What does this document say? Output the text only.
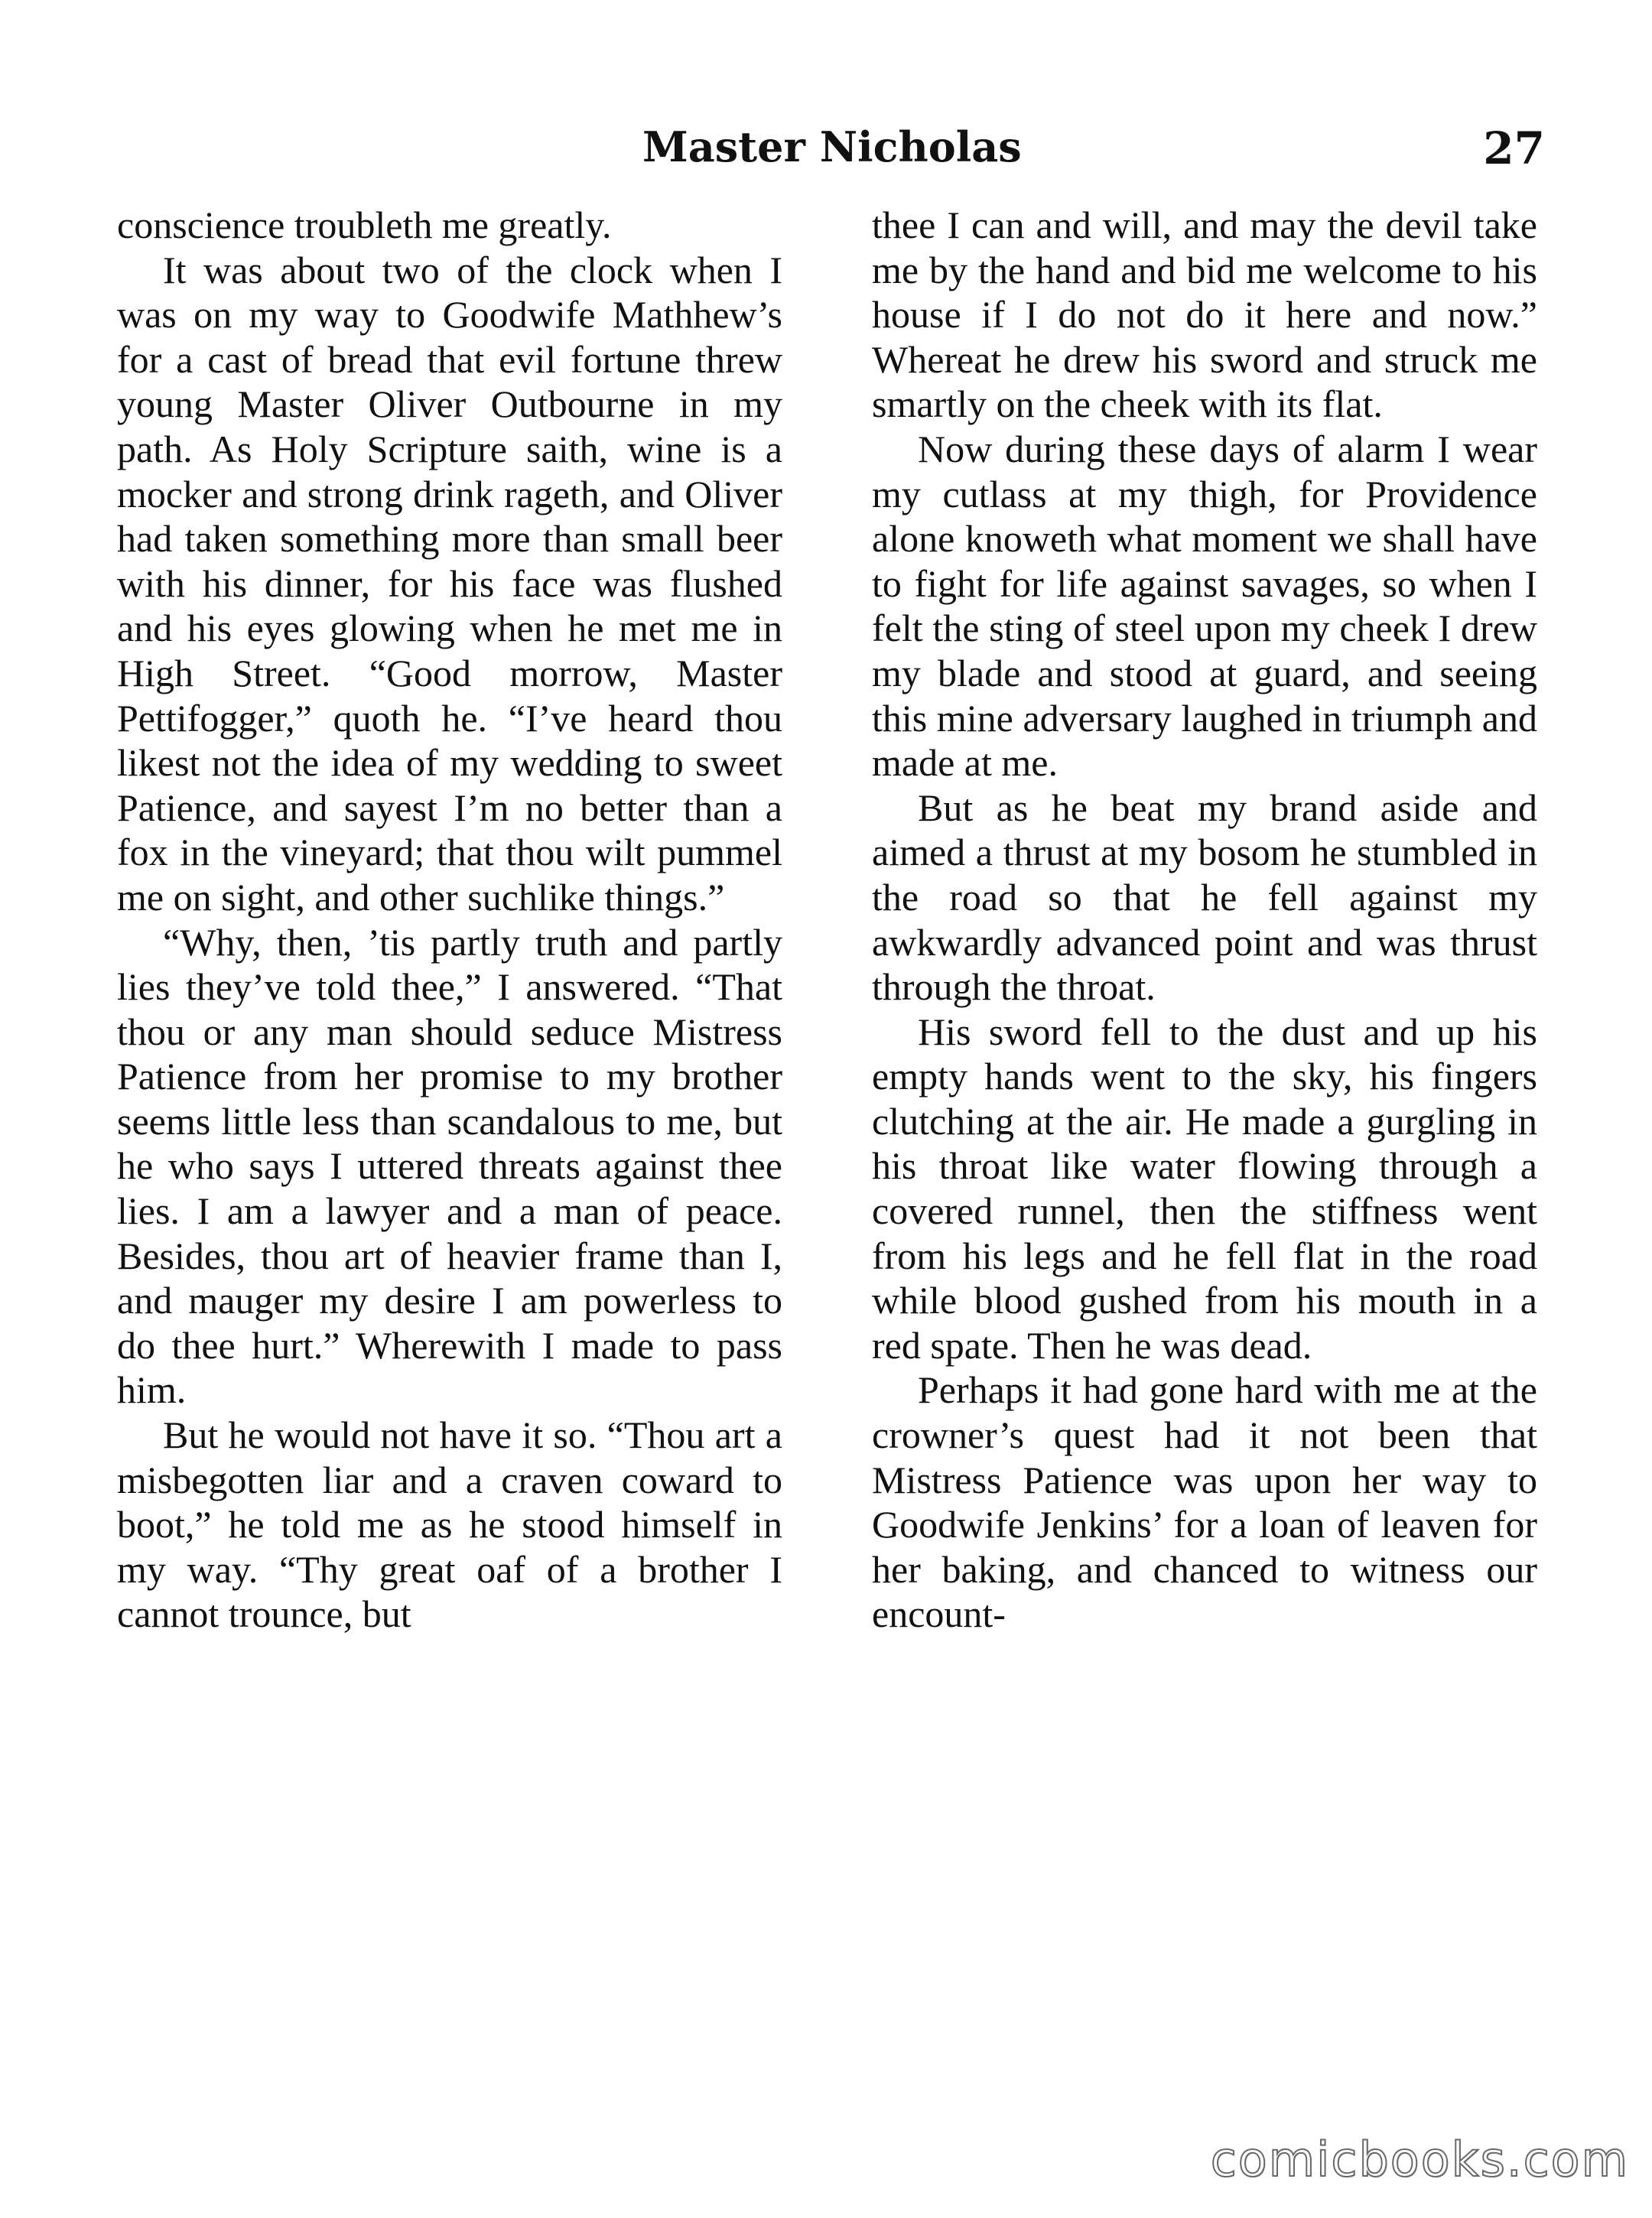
Master Nicholas	27

conscience troubleth me greatly.

It was about two of the clock when I was on my way to Goodwife Mathhew’s for a cast of bread that evil fortune threw young Master Oliver Outbourne in my path. As Holy Scripture saith, wine is a mocker and strong drink rageth, and Oliver had taken something more than small beer with his dinner, for his face was flushed and his eyes glowing when he met me in High Street. “Good morrow, Master Pettifogger,” quoth he. “I’ve heard thou likest not the idea of my wedding to sweet Patience, and sayest I’m no better than a fox in the vineyard; that thou wilt pummel me on sight, and other suchlike things.”

“Why, then, ’tis partly truth and partly lies they’ve told thee,” I answered. “That thou or any man should seduce Mistress Patience from her promise to my brother seems little less than scandalous to me, but he who says I uttered threats against thee lies. I am a lawyer and a man of peace. Besides, thou art of heavier frame than I, and mauger my desire I am powerless to do thee hurt.” Wherewith I made to pass him.

But he would not have it so. “Thou art a misbegotten liar and a craven coward to boot,” he told me as he stood himself in my way. “Thy great oaf of a brother I cannot trounce, but

thee I can and will, and may the devil take me by the hand and bid me welcome to his house if I do not do it here and now.” Whereat he drew his sword and struck me smartly on the cheek with its flat.

Now during these days of alarm I wear my cutlass at my thigh, for Providence alone knoweth what moment we shall have to fight for life against savages, so when I felt the sting of steel upon my cheek I drew my blade and stood at guard, and seeing this mine adversary laughed in triumph and made at me.

But as he beat my brand aside and aimed a thrust at my bosom he stumbled in the road so that he fell against my awkwardly advanced point and was thrust through the throat.

His sword fell to the dust and up his empty hands went to the sky, his fingers clutching at the air. He made a gurgling in his throat like water flowing through a covered runnel, then the stiffness went from his legs and he fell flat in the road while blood gushed from his mouth in a red spate. Then he was dead.

Perhaps it had gone hard with me at the crowner’s quest had it not been that Mistress Patience was upon her way to Goodwife Jenkins’ for a loan of leaven for her baking, and chanced to witness our encount-

comicbooks.com
